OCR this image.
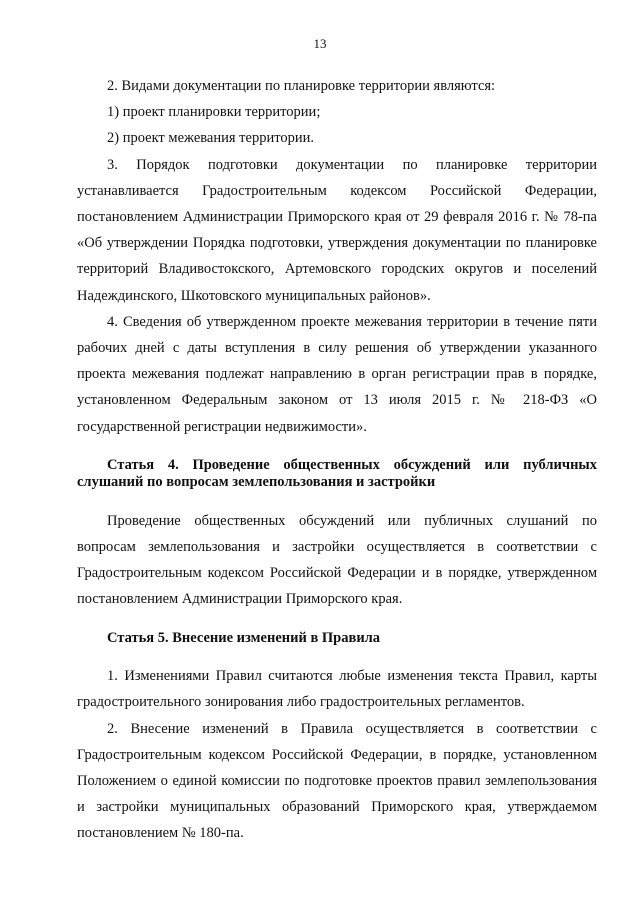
13

2. Видами документации по планировке территории являются:

1) проект планировки территории;

2) проект межевания территории.

3. Порядок подготовки документации по планировке территории устанавливается Градостроительным кодексом Российской Федерации, постановлением Администрации Приморского края от 29 февраля 2016 г. № 78-па «Об утверждении Порядка подготовки, утверждения документации по планировке территорий Владивостокского, Артемовского городских округов и поселений Надеждинского, Шкотовского муниципальных районов».

4. Сведения об утвержденном проекте межевания территории в течение пяти рабочих дней с даты вступления в силу решения об утверждении указанного проекта межевания подлежат направлению в орган регистрации прав в порядке, установленном Федеральным законом от 13 июля 2015 г. № 218-ФЗ «О государственной регистрации недвижимости».

Статья 4. Проведение общественных обсуждений или публичных слушаний по вопросам землепользования и застройки

Проведение общественных обсуждений или публичных слушаний по вопросам землепользования и застройки осуществляется в соответствии с Градостроительным кодексом Российской Федерации и в порядке, утвержденном постановлением Администрации Приморского края.

Статья 5. Внесение изменений в Правила

1. Изменениями Правил считаются любые изменения текста Правил, карты градостроительного зонирования либо градостроительных регламентов.

2. Внесение изменений в Правила осуществляется в соответствии с Градостроительным кодексом Российской Федерации, в порядке, установленном Положением о единой комиссии по подготовке проектов правил землепользования и застройки муниципальных образований Приморского края, утверждаемом постановлением № 180-па.
